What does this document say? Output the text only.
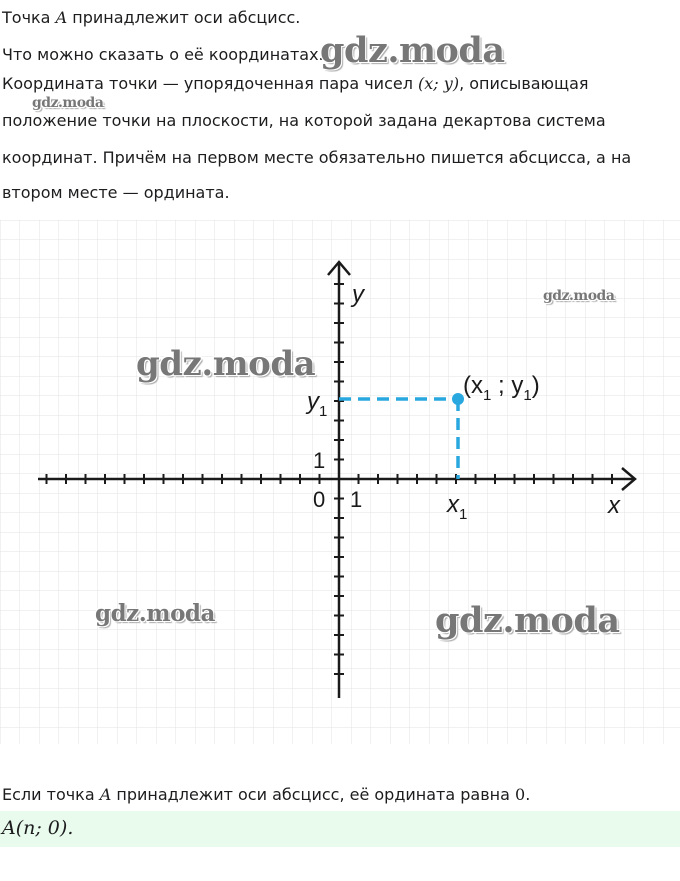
Точка A принадлежит оси абсцисс.
Что можно сказать о её координатах.
Координата точки — упорядоченная пара чисел (x; y), описывающая
положение точки на плоскости, на которой задана декартова система
координат. Причём на первом месте обязательно пишется абсцисса, а на
втором месте — ордината.
y
x
0 1
1
$y_1$
$x_1$
($x_1$ ; $y_1$)
gdz.moda
gdz.moda
gdz.moda
gdz.moda
gdz.moda	gdz.moda
Если точка A принадлежит оси абсцисс, её ордината равна 0.
A(n; 0).
